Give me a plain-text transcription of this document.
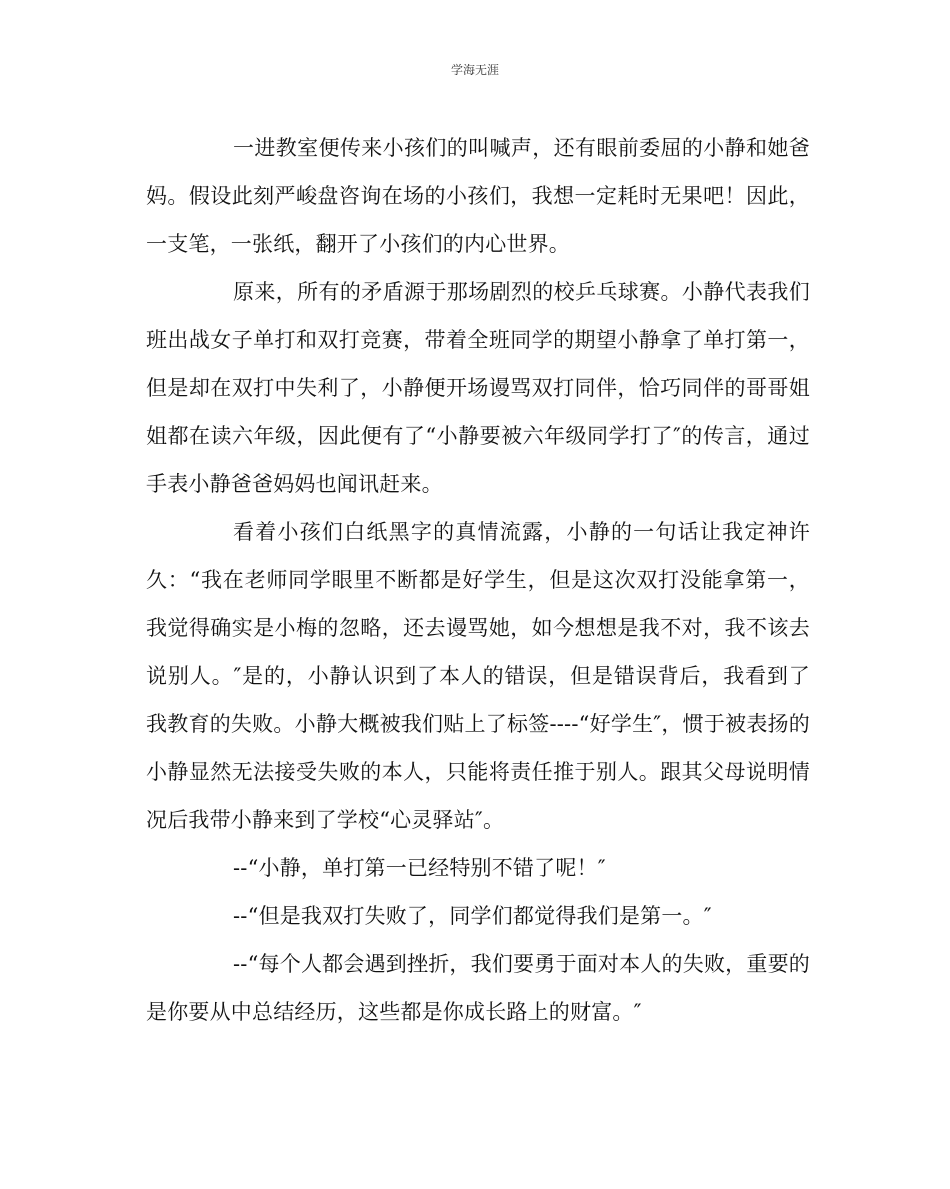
学海无涯

一进教室便传来小孩们的叫喊声，还有眼前委屈的小静和她爸妈。假设此刻严峻盘咨询在场的小孩们，我想一定耗时无果吧！因此，一支笔，一张纸，翻开了小孩们的内心世界。

原来，所有的矛盾源于那场剧烈的校乒乓球赛。小静代表我们班出战女子单打和双打竞赛，带着全班同学的期望小静拿了单打第一，但是却在双打中失利了，小静便开场谩骂双打同伴，恰巧同伴的哥哥姐姐都在读六年级，因此便有了“小静要被六年级同学打了″的传言，通过手表小静爸爸妈妈也闻讯赶来。

看着小孩们白纸黑字的真情流露，小静的一句话让我定神许久：“我在老师同学眼里不断都是好学生，但是这次双打没能拿第一，我觉得确实是小梅的忽略，还去谩骂她，如今想想是我不对，我不该去说别人。″是的，小静认识到了本人的错误，但是错误背后，我看到了我教育的失败。小静大概被我们贴上了标签----“好学生″，惯于被表扬的小静显然无法接受失败的本人，只能将责任推于别人。跟其父母说明情况后我带小静来到了学校“心灵驿站″。

--“小静，单打第一已经特别不错了呢！″

--“但是我双打失败了，同学们都觉得我们是第一。″

--“每个人都会遇到挫折，我们要勇于面对本人的失败，重要的是你要从中总结经历，这些都是你成长路上的财富。″
